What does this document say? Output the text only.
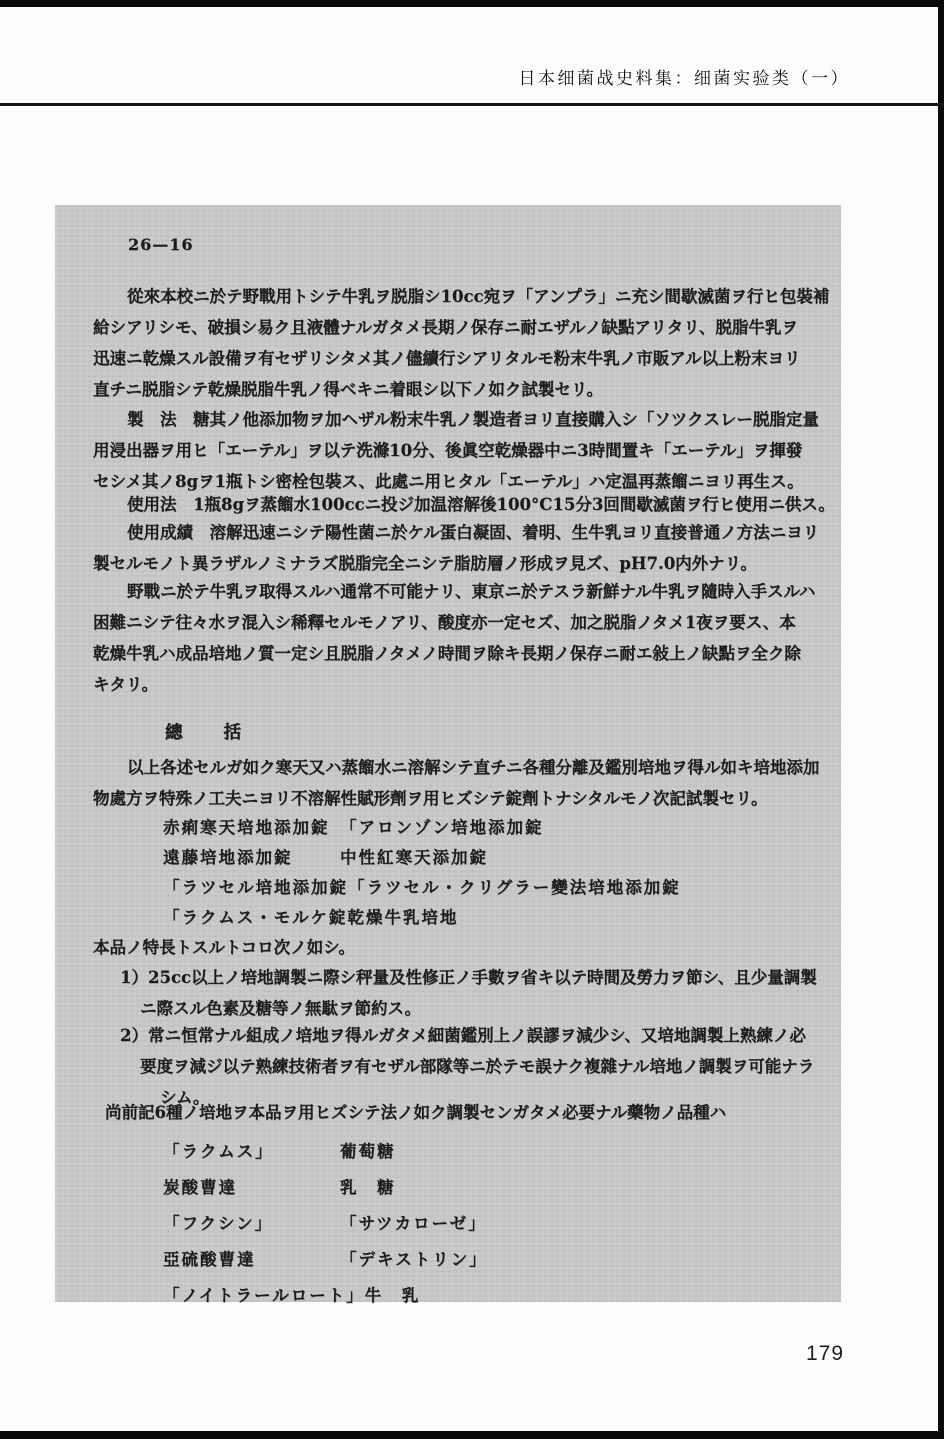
日本细菌战史料集：细菌实验类（一）
26—16
從來本校ニ於テ野戰用トシテ牛乳ヲ脱脂シ10cc宛ヲ「アンプラ」ニ充シ間歇滅菌ヲ行ヒ包裝補
給シアリシモ、破損シ易ク且液體ナルガタメ長期ノ保存ニ耐エザルノ缺點アリタリ、脱脂牛乳ヲ
迅速ニ乾燥スル設備ヲ有セザリシタメ其ノ儘續行シアリタルモ粉末牛乳ノ市販アル以上粉末ヨリ
直チニ脱脂シテ乾燥脱脂牛乳ノ得ベキニ着眼シ以下ノ如ク試製セリ。
製　法　糖其ノ他添加物ヲ加ヘザル粉末牛乳ノ製造者ヨリ直接購入シ「ソツクスレー脱脂定量
用浸出器ヲ用ヒ「エーテル」ヲ以テ洗滌10分、後眞空乾燥器中ニ3時間置キ「エーテル」ヲ揮發
セシメ其ノ8gヲ1瓶トシ密栓包裝ス、此處ニ用ヒタル「エーテル」ハ定温再蒸餾ニヨリ再生ス。
使用法　1瓶8gヲ蒸餾水100ccニ投ジ加温溶解後100°C15分3回間歇滅菌ヲ行ヒ使用ニ供ス。
使用成績　溶解迅速ニシテ陽性菌ニ於ケル蛋白凝固、着明、生牛乳ヨリ直接普通ノ方法ニヨリ
製セルモノト異ラザルノミナラズ脱脂完全ニシテ脂肪層ノ形成ヲ見ズ、pH7.0内外ナリ。
野戰ニ於テ牛乳ヲ取得スルハ通常不可能ナリ、東京ニ於テスラ新鮮ナル牛乳ヲ隨時入手スルハ
困難ニシテ往々水ヲ混入シ稀釋セルモノアリ、酸度亦一定セズ、加之脱脂ノタメ1夜ヲ要ス、本
乾燥牛乳ハ成品培地ノ質一定シ且脱脂ノタメノ時間ヲ除キ長期ノ保存ニ耐エ敍上ノ缺點ヲ全ク除
キタリ。
總　　括
以上各述セルガ如ク寒天又ハ蒸餾水ニ溶解シテ直チニ各種分離及鑑別培地ヲ得ル如キ培地添加
物處方ヲ特殊ノ工夫ニヨリ不溶解性賦形劑ヲ用ヒズシテ錠劑トナシタルモノ次記試製セリ。
赤痢寒天培地添加錠 「アロンゾン培地添加錠
遠藤培地添加錠	中性紅寒天添加錠
「ラツセル培地添加錠 「ラツセル・クリグラー變法培地添加錠
「ラクムス・モルケ錠 乾燥牛乳培地
本品ノ特長トスルトコロ次ノ如シ。
1）25cc以上ノ培地調製ニ際シ秤量及性修正ノ手數ヲ省キ以テ時間及勞力ヲ節シ、且少量調製
ニ際スル色素及糖等ノ無駄ヲ節約ス。
2）常ニ恒常ナル組成ノ培地ヲ得ルガタメ細菌鑑別上ノ誤謬ヲ減少シ、又培地調製上熟練ノ必
要度ヲ減ジ以テ熟練技術者ヲ有セザル部隊等ニ於テモ誤ナク複雜ナル培地ノ調製ヲ可能ナラ
シム。
尚前記6種ノ培地ヲ本品ヲ用ヒズシテ法ノ如ク調製センガタメ必要ナル藥物ノ品種ハ
「ラクムス」	葡萄糖
炭酸曹達	乳　糖
「フクシン」	「サツカローゼ」
亞硫酸曹達	「デキストリン」
「ノイトラールロート」 牛　乳
179
